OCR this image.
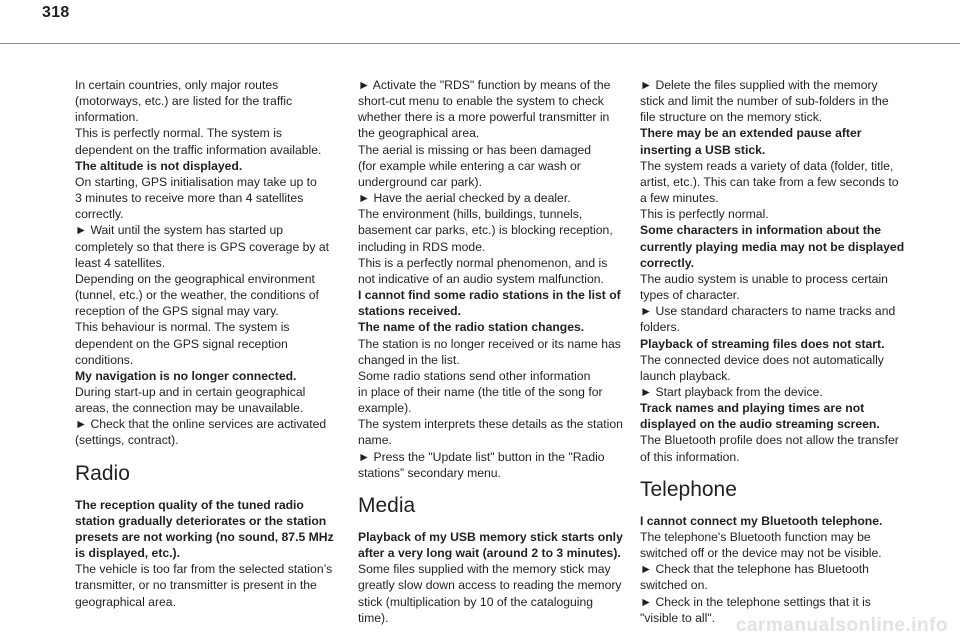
318
In certain countries, only major routes
(motorways, etc.) are listed for the traffic
information.
This is perfectly normal. The system is
dependent on the traffic information available.
The altitude is not displayed.
On starting, GPS initialisation may take up to
3 minutes to receive more than 4 satellites
correctly.
► Wait until the system has started up
completely so that there is GPS coverage by at
least 4 satellites.
Depending on the geographical environment
(tunnel, etc.) or the weather, the conditions of
reception of the GPS signal may vary.
This behaviour is normal. The system is
dependent on the GPS signal reception
conditions.
My navigation is no longer connected.
During start-up and in certain geographical
areas, the connection may be unavailable.
► Check that the online services are activated
(settings, contract).
Radio
The reception quality of the tuned radio
station gradually deteriorates or the station
presets are not working (no sound, 87.5 MHz
is displayed, etc.).
The vehicle is too far from the selected station’s
transmitter, or no transmitter is present in the
geographical area.
► Activate the "RDS" function by means of the
short-cut menu to enable the system to check
whether there is a more powerful transmitter in
the geographical area.
The aerial is missing or has been damaged
(for example while entering a car wash or
underground car park).
► Have the aerial checked by a dealer.
The environment (hills, buildings, tunnels,
basement car parks, etc.) is blocking reception,
including in RDS mode.
This is a perfectly normal phenomenon, and is
not indicative of an audio system malfunction.
I cannot find some radio stations in the list of
stations received.
The name of the radio station changes.
The station is no longer received or its name has
changed in the list.
Some radio stations send other information
in place of their name (the title of the song for
example).
The system interprets these details as the station
name.
► Press the "Update list" button in the "Radio
stations” secondary menu.
Media
Playback of my USB memory stick starts only
after a very long wait (around 2 to 3 minutes).
Some files supplied with the memory stick may
greatly slow down access to reading the memory
stick (multiplication by 10 of the cataloguing
time).
► Delete the files supplied with the memory
stick and limit the number of sub-folders in the
file structure on the memory stick.
There may be an extended pause after
inserting a USB stick.
The system reads a variety of data (folder, title,
artist, etc.). This can take from a few seconds to
a few minutes.
This is perfectly normal.
Some characters in information about the
currently playing media may not be displayed
correctly.
The audio system is unable to process certain
types of character.
► Use standard characters to name tracks and
folders.
Playback of streaming files does not start.
The connected device does not automatically
launch playback.
► Start playback from the device.
Track names and playing times are not
displayed on the audio streaming screen.
The Bluetooth profile does not allow the transfer
of this information.
Telephone
I cannot connect my Bluetooth telephone.
The telephone's Bluetooth function may be
switched off or the device may not be visible.
► Check that the telephone has Bluetooth
switched on.
► Check in the telephone settings that it is
"visible to all".	carmanualsonline.info
